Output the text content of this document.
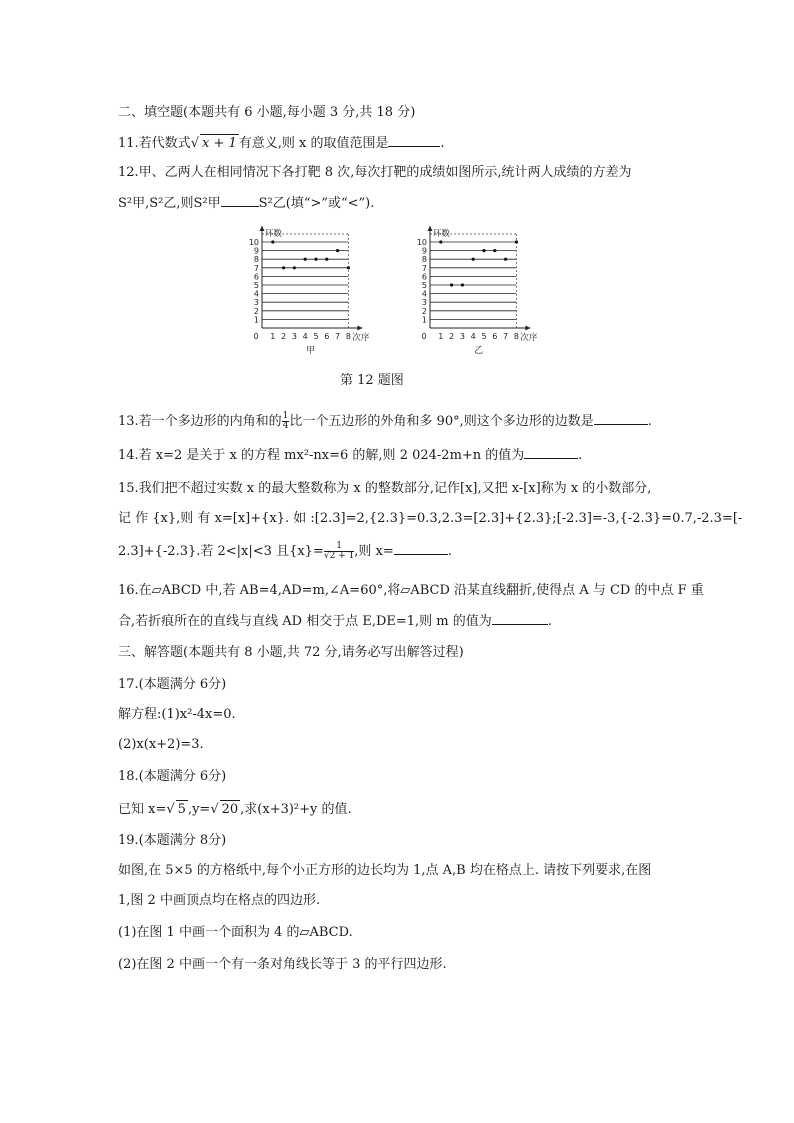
二、填空题(本题共有 6 小题,每小题 3 分,共 18 分)
11.若代数式√ x + 1 有意义,则 x 的取值范围是	.
12.甲、乙两人在相同情况下各打靶 8 次,每次打靶的成绩如图所示,统计两人成绩的方差为
S²甲,S²乙,则S²甲	S²乙(填“>”或“<”).
1
2
3
4
5
6
7
8
9
10
环数
次序
0 1 2 3 4 5 6 7 8
甲
1
2
3
4
5
6
7
8
9
10
环数
次序
0 1 2 3 4 5 6 7 8
乙
第 12 题图
13.若一个多边形的内角和的 $\frac{1}{4}$ 比一个五边形的外角和多 90°,则这个多边形的边数是	.
14.若 x=2 是关于 x 的方程 mx²-nx=6 的解,则 2 024-2m+n 的值为	.
15.我们把不超过实数 x 的最大整数称为 x 的整数部分,记作[x],又把 x-[x]称为 x 的小数部分,
记 作 {x},则 有 x=[x]+{x}. 如 :[2.3]=2,{2.3}=0.3,2.3=[2.3]+{2.3};[-2.3]=-3,{-2.3}=0.7,-2.3=[-
2.3]+{-2.3}.若 2<|x|<3 且$\{x\}= \frac{1}{√2 + 1}$ ,则 x=	.
16.在▱ABCD 中,若 AB=4,AD=m,∠A=60°,将▱ABCD 沿某直线翻折,使得点 A 与 CD 的中点 F 重
合,若折痕所在的直线与直线 AD 相交于点 E,DE=1,则 m 的值为	.
三、解答题(本题共有 8 小题,共 72 分,请务必写出解答过程)
17.(本题满分 6分)
解方程:(1)x²-4x=0.
(2)x(x+2)=3.
18.(本题满分 6分)
已知 x=√ 5 ,y=√ 20 ,求(x+3)²+y 的值.
19.(本题满分 8分)
如图,在 5×5 的方格纸中,每个小正方形的边长均为 1,点 A,B 均在格点上. 请按下列要求,在图
1,图 2 中画顶点均在格点的四边形.
(1)在图 1 中画一个面积为 4 的▱ABCD.
(2)在图 2 中画一个有一条对角线长等于 3 的平行四边形.
